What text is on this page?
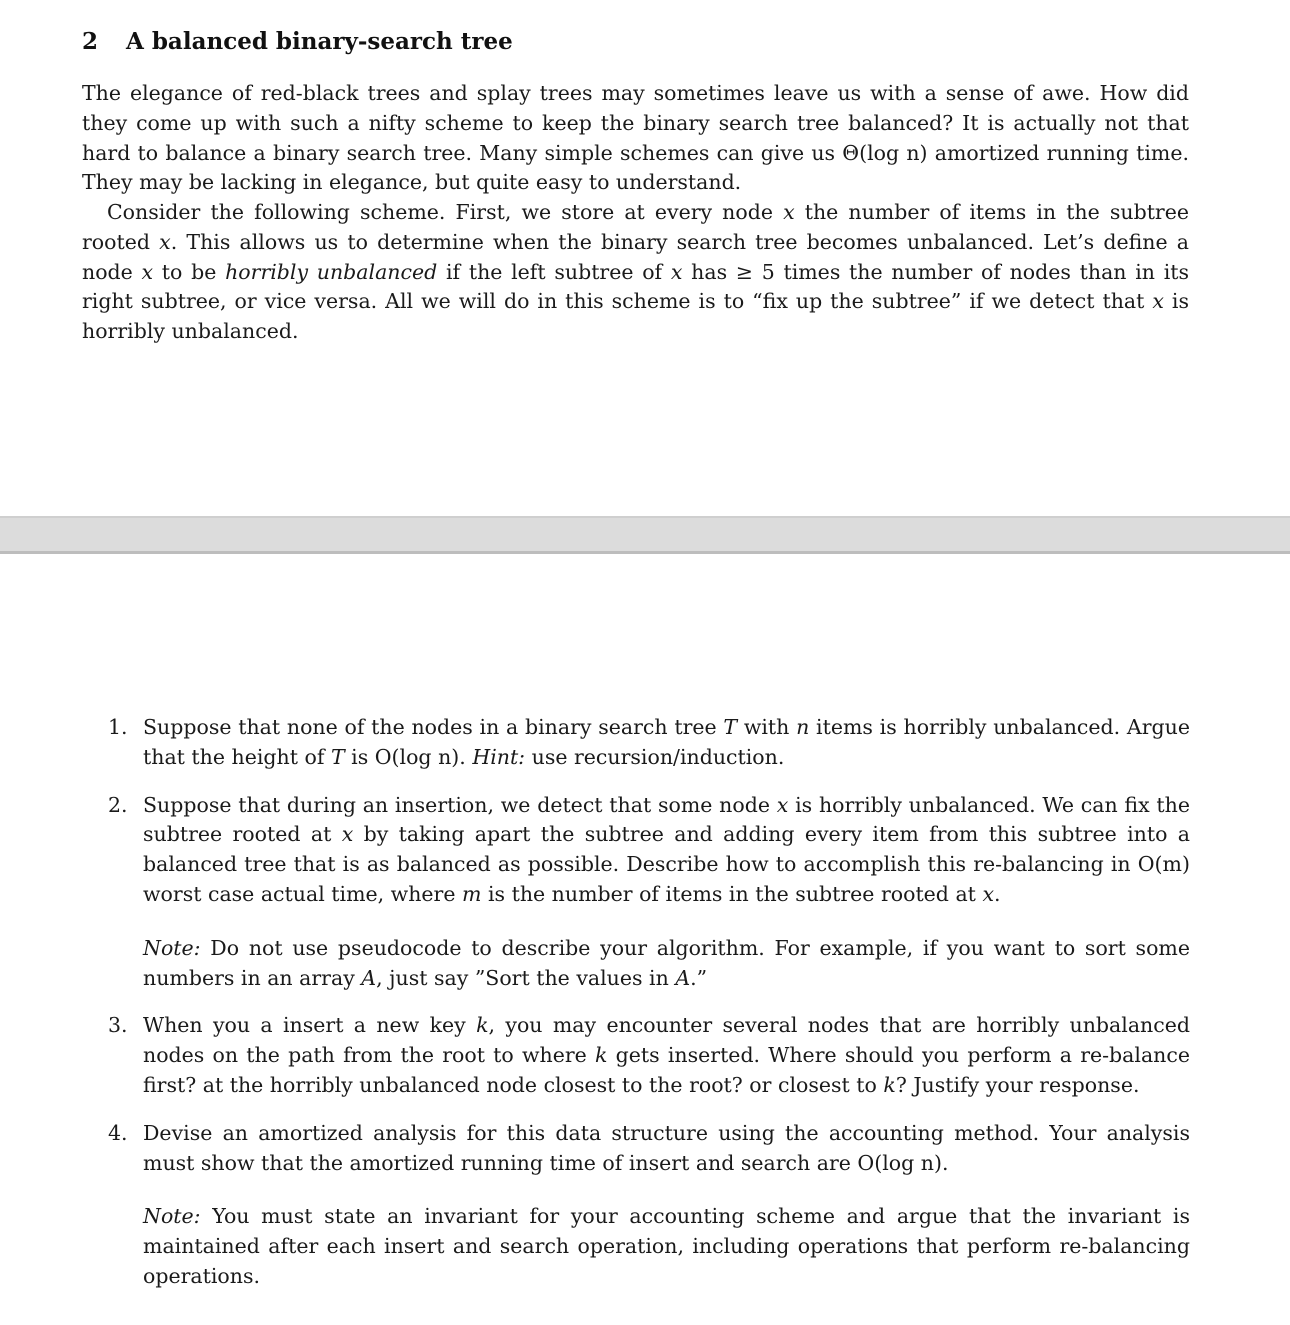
2 A balanced binary-search tree

The elegance of red-black trees and splay trees may sometimes leave us with a sense of awe. How did they come up with such a nifty scheme to keep the binary search tree balanced? It is actually not that hard to balance a binary search tree. Many simple schemes can give us Θ(log n) amortized running time. They may be lacking in elegance, but quite easy to understand.

Consider the following scheme. First, we store at every node x the number of items in the subtree rooted x. This allows us to determine when the binary search tree becomes unbalanced. Let’s define a node x to be horribly unbalanced if the left subtree of x has ≥ 5 times the number of nodes than in its right subtree, or vice versa. All we will do in this scheme is to “fix up the subtree” if we detect that x is horribly unbalanced.

1. Suppose that none of the nodes in a binary search tree T with n items is horribly unbalanced. Argue that the height of T is O(log n). Hint: use recursion/induction.

2. Suppose that during an insertion, we detect that some node x is horribly unbalanced. We can fix the subtree rooted at x by taking apart the subtree and adding every item from this subtree into a balanced tree that is as balanced as possible. Describe how to accomplish this re-balancing in O(m) worst case actual time, where m is the number of items in the subtree rooted at x.

Note: Do not use pseudocode to describe your algorithm. For example, if you want to sort some numbers in an array A, just say ”Sort the values in A.”

3. When you a insert a new key k, you may encounter several nodes that are horribly unbalanced nodes on the path from the root to where k gets inserted. Where should you perform a re-balance first? at the horribly unbalanced node closest to the root? or closest to k? Justify your response.

4. Devise an amortized analysis for this data structure using the accounting method. Your analysis must show that the amortized running time of insert and search are O(log n).

Note: You must state an invariant for your accounting scheme and argue that the invariant is maintained after each insert and search operation, including operations that perform re-balancing operations.
